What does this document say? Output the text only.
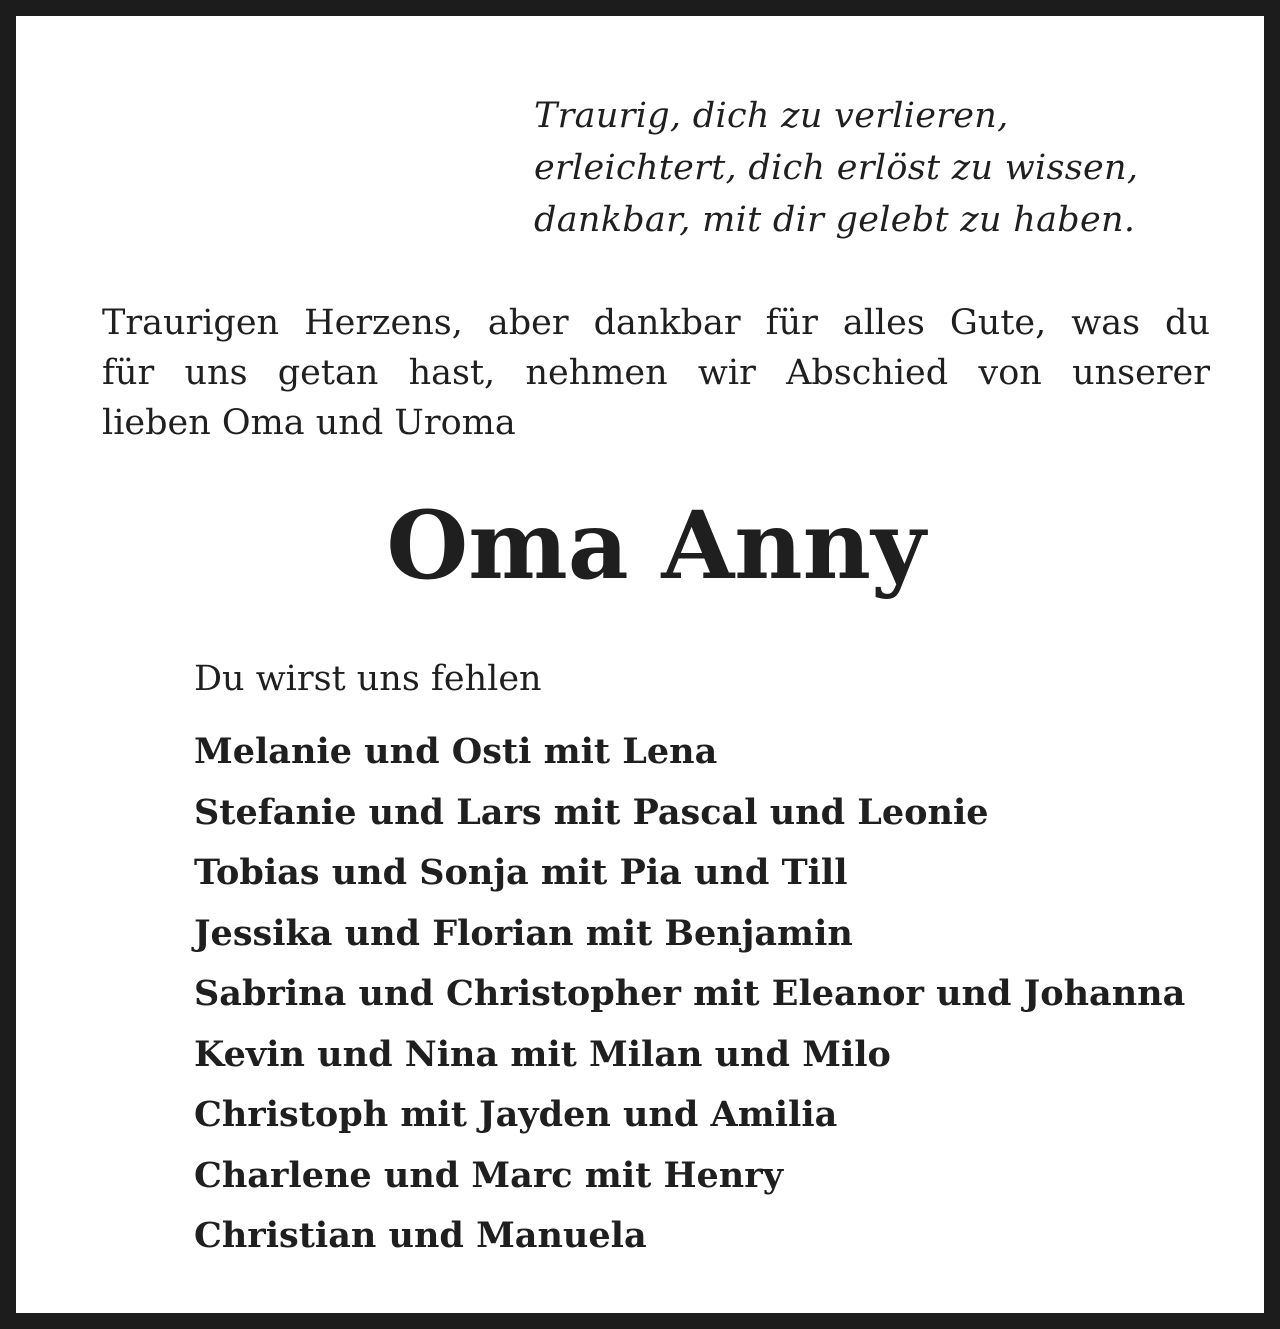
Traurig, dich zu verlieren,
erleichtert, dich erlöst zu wissen,
dankbar, mit dir gelebt zu haben.
Traurigen Herzens, aber dankbar für alles Gute, was du
für uns getan hast, nehmen wir Abschied von unserer
lieben Oma und Uroma
Oma Anny
Du wirst uns fehlen
Melanie und Osti mit Lena
Stefanie und Lars mit Pascal und Leonie
Tobias und Sonja mit Pia und Till
Jessika und Florian mit Benjamin
Sabrina und Christopher mit Eleanor und Johanna
Kevin und Nina mit Milan und Milo
Christoph mit Jayden und Amilia
Charlene und Marc mit Henry
Christian und Manuela
